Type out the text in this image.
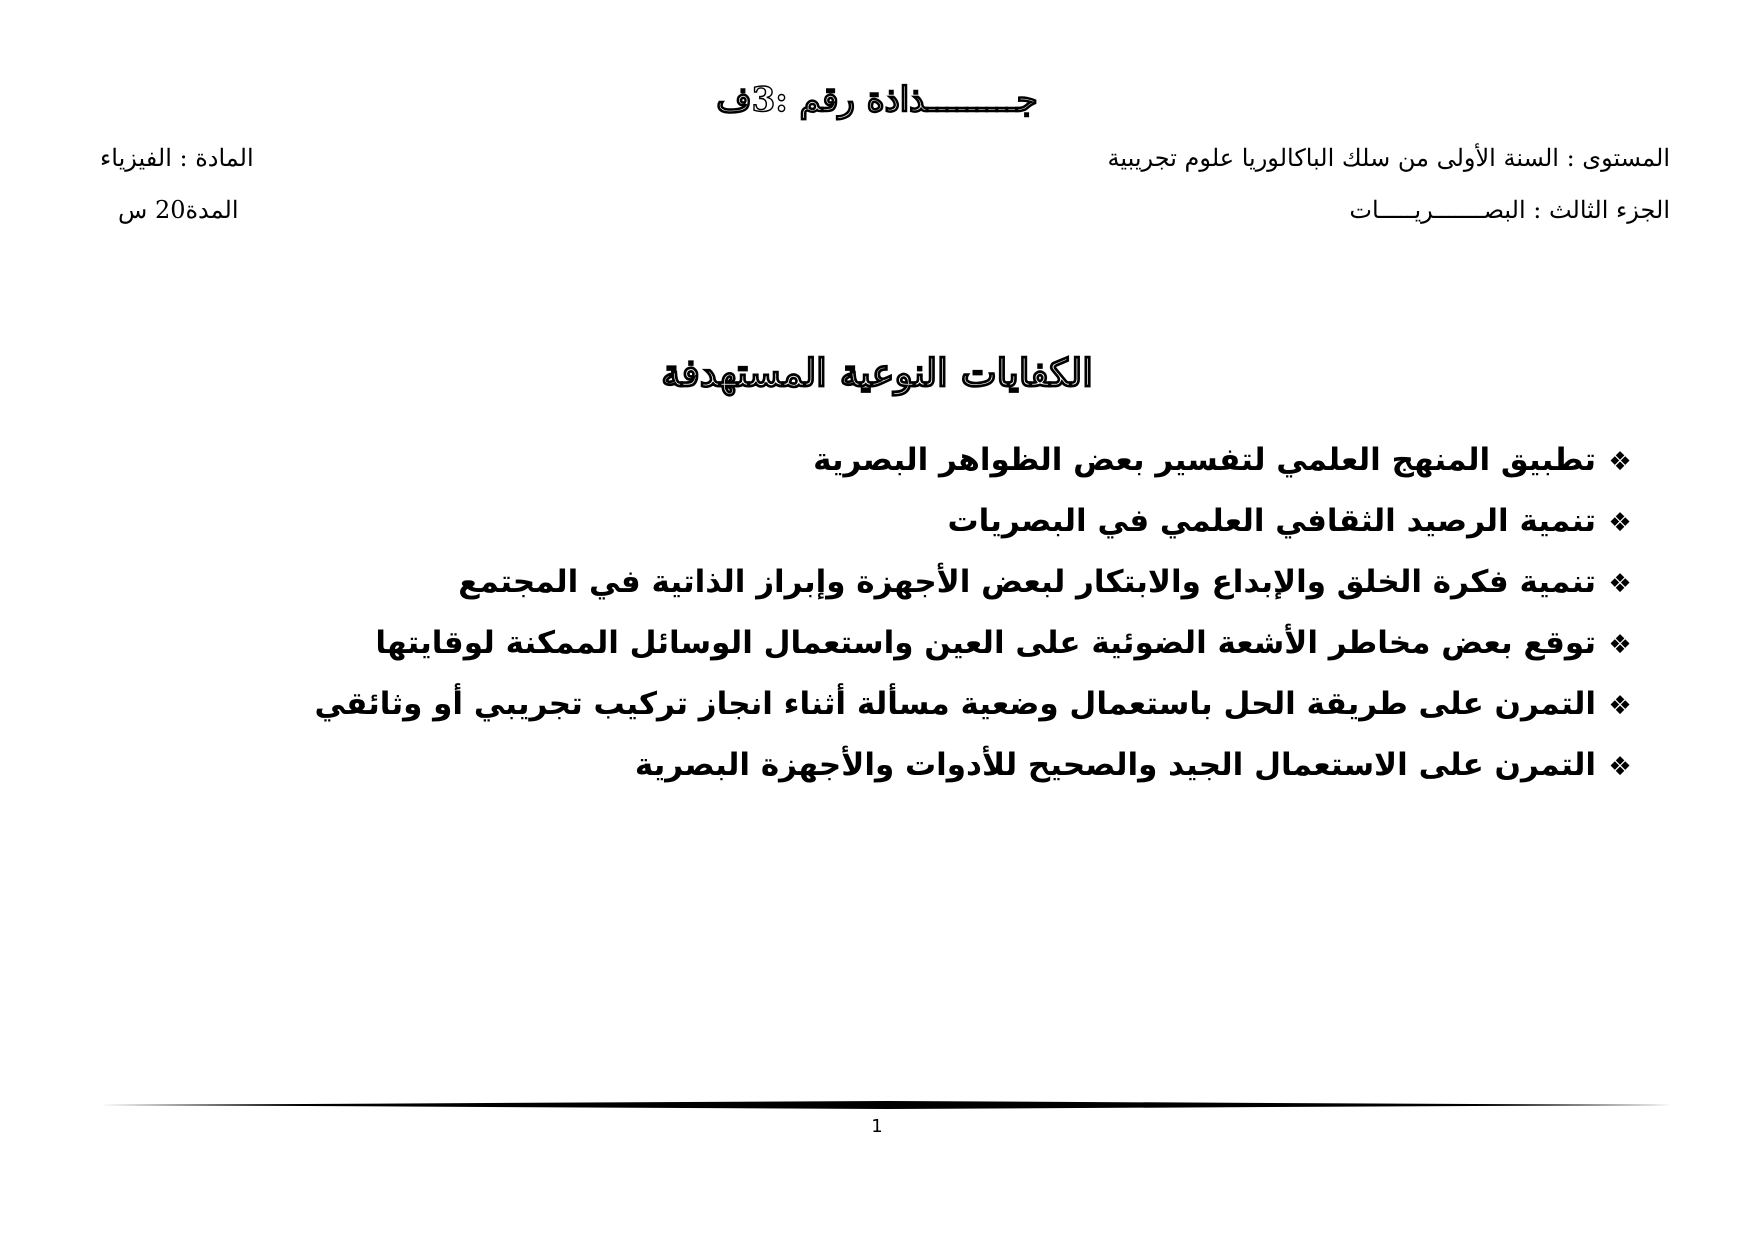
جـــــــــذاذة رقم :3ف
المستوى : السنة الأولى من سلك الباكالوريا علوم تجريبية
الجزء الثالث : البصـــــــريـــــات
المادة : الفيزياء
المدة20 س
الكفايات النوعية المستهدفة
❖تطبيق المنهج العلمي لتفسير بعض الظواهر البصرية
❖تنمية الرصيد الثقافي العلمي في البصريات
❖تنمية فكرة الخلق والإبداع والابتكار لبعض الأجهزة وإبراز الذاتية في المجتمع
❖توقع بعض مخاطر الأشعة الضوئية على العين واستعمال الوسائل الممكنة لوقايتها
❖التمرن على طريقة الحل باستعمال وضعية مسألة أثناء انجاز تركيب تجريبي أو وثائقي
❖التمرن على الاستعمال الجيد والصحيح للأدوات والأجهزة البصرية
1
